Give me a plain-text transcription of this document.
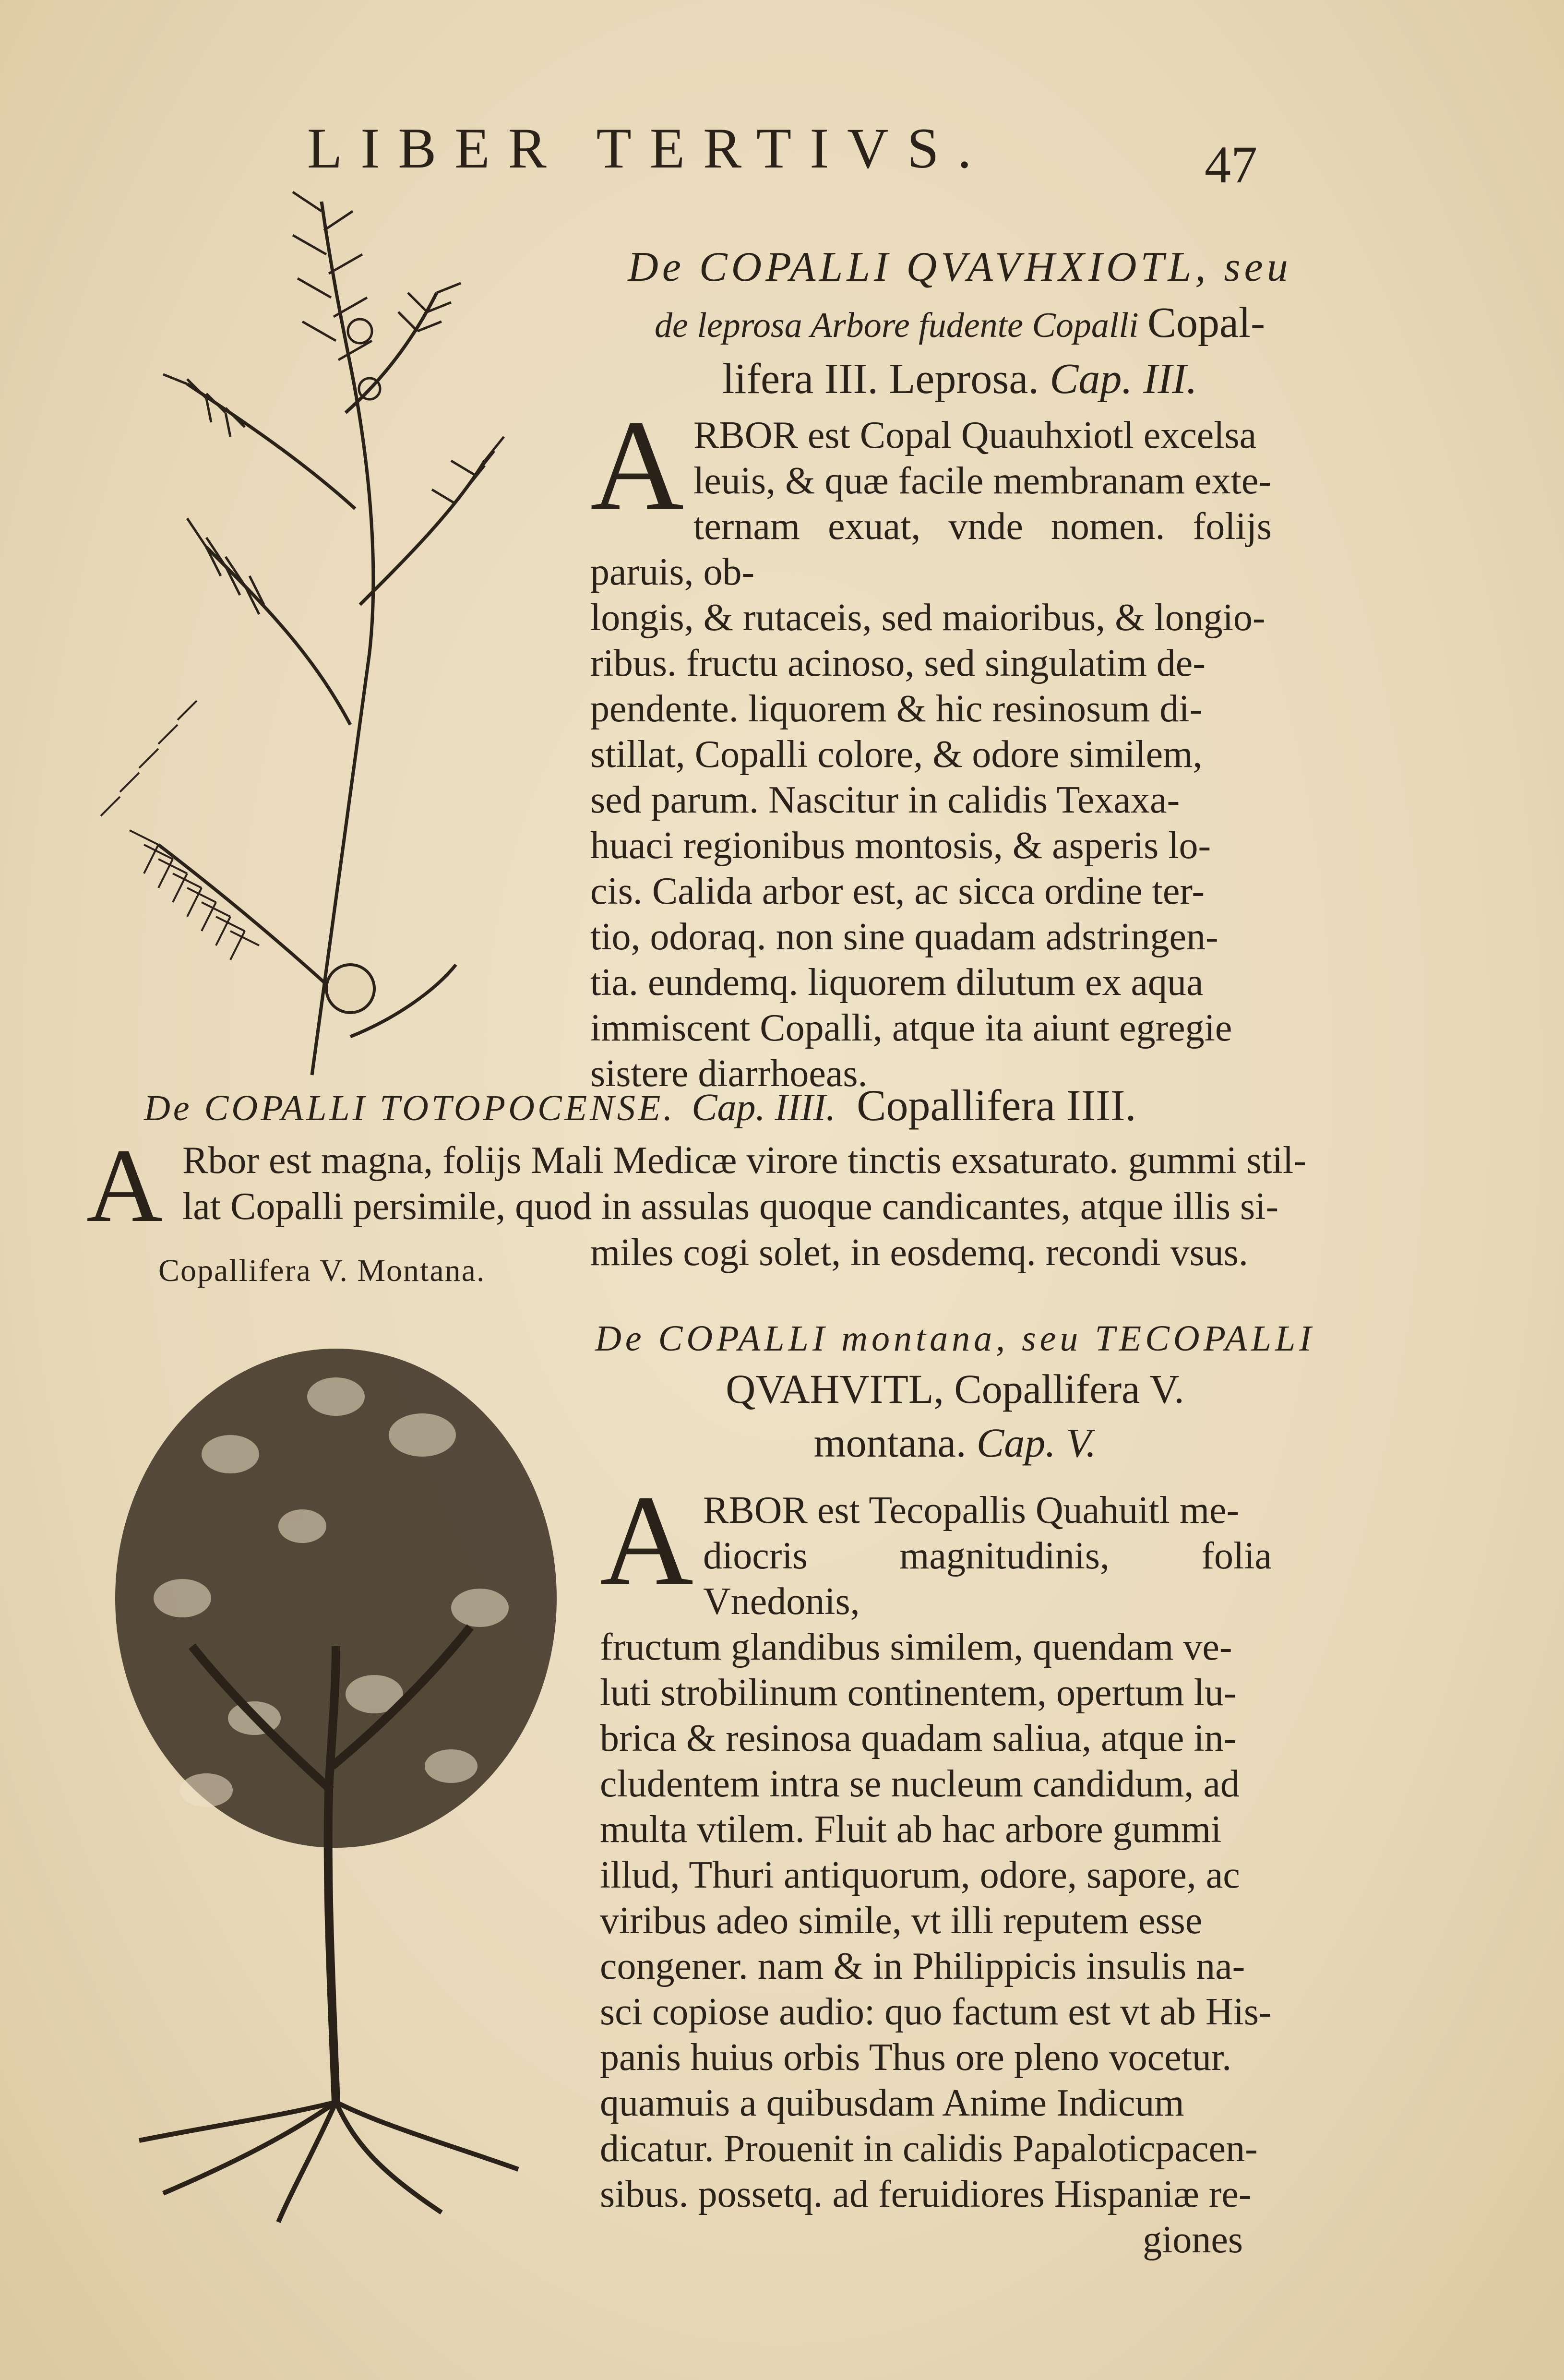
LIBER TERTIVS.	47
De COPALLI QVAVHXIOTL, seu
de leprosa Arbore fudente Copalli Copal-
lifera III. Leprosa. Cap. III.
A RBOR est Copal Quauhxiotl excelsa

leuis, & quæ facile membranam exte-

ternam exuat, vnde nomen. folijs paruis, ob-

longis, & rutaceis, sed maioribus, & longio-

ribus. fructu acinoso, sed singulatim de-

pendente. liquorem & hic resinosum di-

stillat, Copalli colore, & odore similem,

sed parum. Nascitur in calidis Texaxa-

huaci regionibus montosis, & asperis lo-

cis. Calida arbor est, ac sicca ordine ter-

tio, odoraq. non sine quadam adstringen-

tia. eundemq. liquorem dilutum ex aqua

immiscent Copalli, atque ita aiunt egregie

sistere diarrhoeas.

De COPALLI TOTOPOCENSE. Cap. IIII. Copallifera IIII.
A Rbor est magna, folijs Mali Medicæ virore tinctis exsaturato. gummi stil-
lat Copalli persimile, quod in assulas quoque candicantes, atque illis si-
miles cogi solet, in eosdemq. recondi vsus.
Copallifera V. Montana.
De COPALLI montana, seu TECOPALLI
QVAHVITL, Copallifera V.
montana. Cap. V.
A RBOR est Tecopallis Quahuitl me-

diocris magnitudinis, folia Vnedonis,

fructum glandibus similem, quendam ve-

luti strobilinum continentem, opertum lu-

brica & resinosa quadam saliua, atque in-

cludentem intra se nucleum candidum, ad

multa vtilem. Fluit ab hac arbore gummi

illud, Thuri antiquorum, odore, sapore, ac

viribus adeo simile, vt illi reputem esse

congener. nam & in Philippicis insulis na-

sci copiose audio: quo factum est vt ab His-

panis huius orbis Thus ore pleno vocetur.

quamuis a quibusdam Anime Indicum

dicatur. Prouenit in calidis Papaloticpacen-

sibus. possetq. ad feruidiores Hispaniæ re-

giones
